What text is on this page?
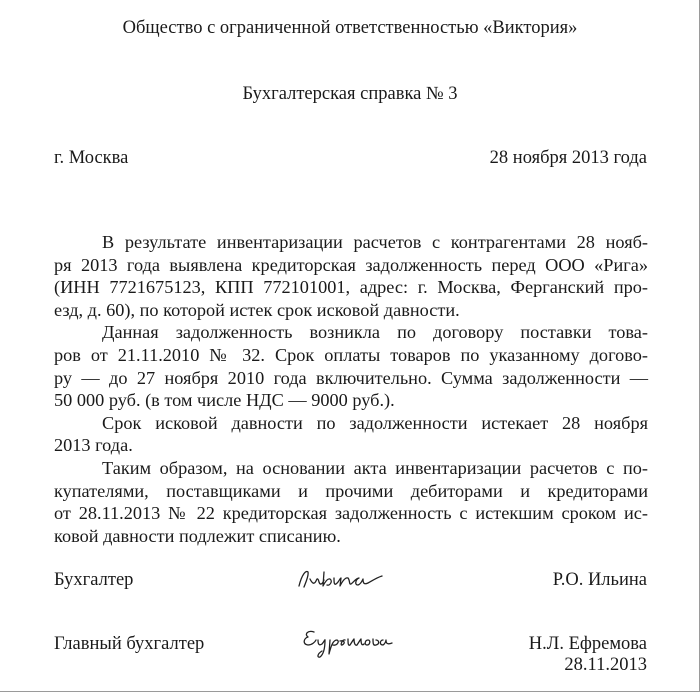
Общество с ограниченной ответственностью «Виктория»
Бухгалтерская справка № 3
г. Москва	28 ноября 2013 года
В результате инвентаризации расчетов с контрагентами 28 нояб-
ря 2013 года выявлена кредиторская задолженность перед ООО «Рига»
(ИНН 7721675123, КПП 772101001, адрес: г. Москва, Ферганский про-
езд, д. 60), по которой истек срок исковой давности.
Данная задолженность возникла по договору поставки това-
ров от 21.11.2010 № 32. Срок оплаты товаров по указанному догово-
ру — до 27 ноября 2010 года включительно. Сумма задолженности —
50 000 руб. (в том числе НДС — 9000 руб.).
Срок исковой давности по задолженности истекает 28 ноября
2013 года.
Таким образом, на основании акта инвентаризации расчетов с по-
купателями, поставщиками и прочими дебиторами и кредиторами
от 28.11.2013 № 22 кредиторская задолженность с истекшим сроком ис-
ковой давности подлежит списанию.
Бухгалтер	Р.О. Ильина
Главный бухгалтер	Н.Л. Ефремова
28.11.2013
